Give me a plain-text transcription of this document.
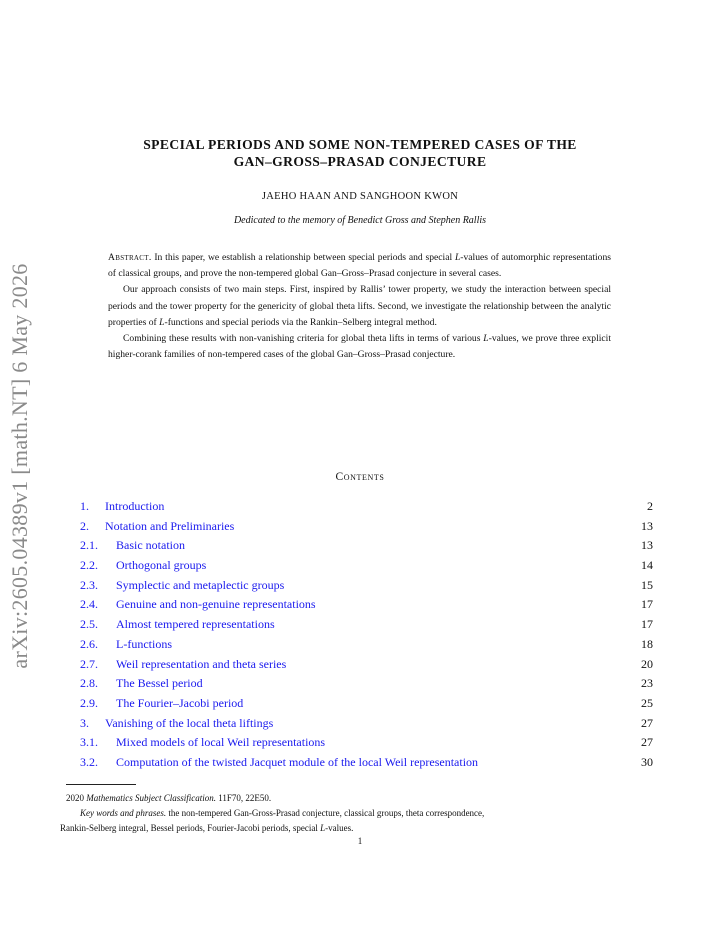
arXiv:2605.04389v1 [math.NT] 6 May 2026
SPECIAL PERIODS AND SOME NON-TEMPERED CASES OF THE
GAN–GROSS–PRASAD CONJECTURE
JAEHO HAAN AND SANGHOON KWON
Dedicated to the memory of Benedict Gross and Stephen Rallis

Abstract. In this paper, we establish a relationship between special periods and special L-values of automorphic representations of classical groups, and prove the non-tempered global Gan–Gross–Prasad conjecture in several cases.

Our approach consists of two main steps. First, inspired by Rallis’ tower property, we study the interaction between special periods and the tower property for the genericity of global theta lifts. Second, we investigate the relationship between the analytic properties of L-functions and special periods via the Rankin–Selberg integral method.

Combining these results with non-vanishing criteria for global theta lifts in terms of various L-values, we prove three explicit higher-corank families of non-tempered cases of the global Gan–Gross–Prasad conjecture.

Contents
1.	Introduction	2
2.	Notation and Preliminaries	13
2.1.	Basic notation	13
2.2.	Orthogonal groups	14
2.3.	Symplectic and metaplectic groups	15
2.4.	Genuine and non-genuine representations	17
2.5.	Almost tempered representations	17
2.6.	L-functions	18
2.7.	Weil representation and theta series	20
2.8.	The Bessel period	23
2.9.	The Fourier–Jacobi period	25
3.	Vanishing of the local theta liftings	27
3.1.	Mixed models of local Weil representations	27
3.2.	Computation of the twisted Jacquet module of the local Weil representation	30

2020 Mathematics Subject Classification. 11F70, 22E50.

Key words and phrases. the non-tempered Gan-Gross-Prasad conjecture, classical groups, theta correspondence,

Rankin-Selberg integral, Bessel periods, Fourier-Jacobi periods, special L-values.

1
